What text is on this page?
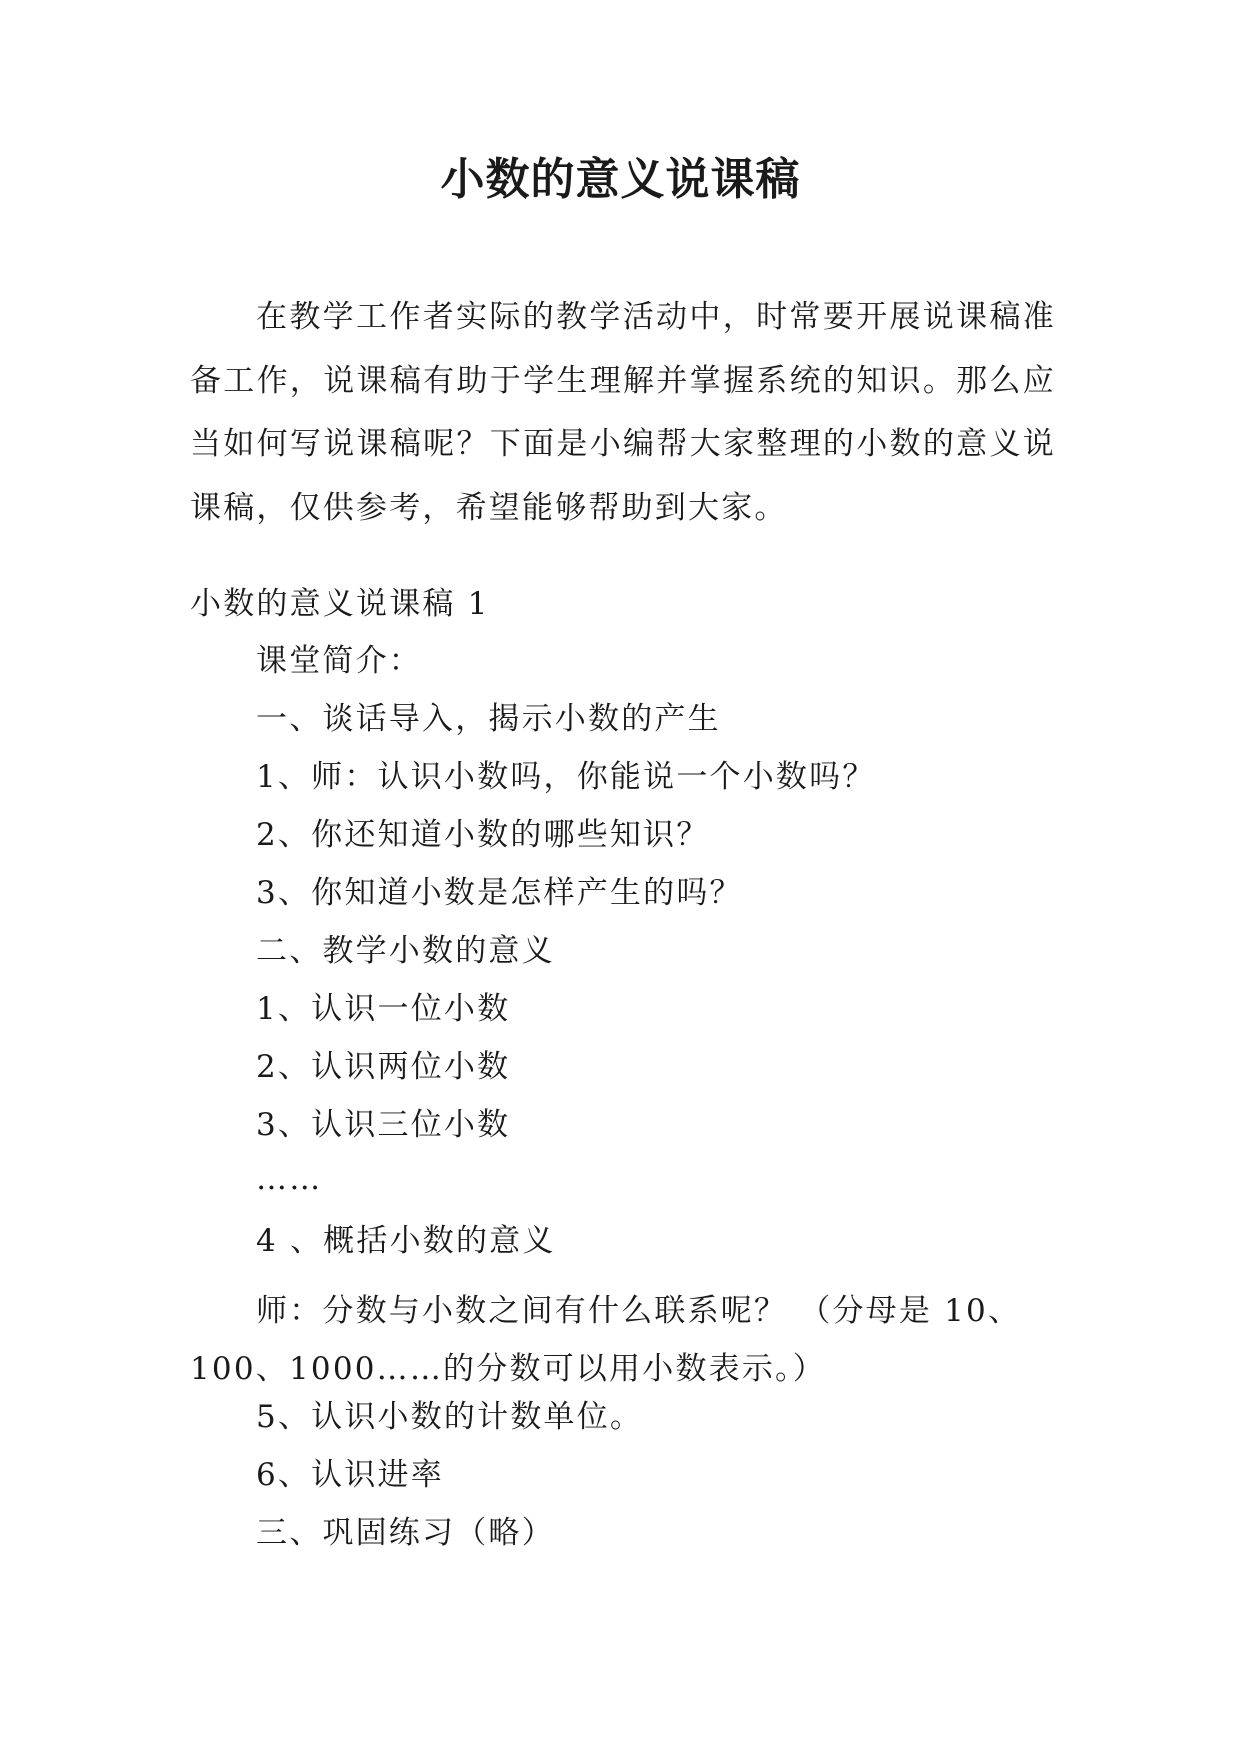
小数的意义说课稿

在教学工作者实际的教学活动中，时常要开展说课稿准备工作，说课稿有助于学生理解并掌握系统的知识。那么应当如何写说课稿呢？下面是小编帮大家整理的小数的意义说课稿，仅供参考，希望能够帮助到大家。

小数的意义说课稿 1
课堂简介：
一、谈话导入，揭示小数的产生
1、师：认识小数吗，你能说一个小数吗？
2、你还知道小数的哪些知识？
3、你知道小数是怎样产生的吗？
二、教学小数的意义
1、认识一位小数
2、认识两位小数
3、认识三位小数
……
4 、概括小数的意义

师：分数与小数之间有什么联系呢？ （分母是 10、100、1000……的分数可以用小数表示。）

5、认识小数的计数单位。
6、认识进率
三、巩固练习（略）
